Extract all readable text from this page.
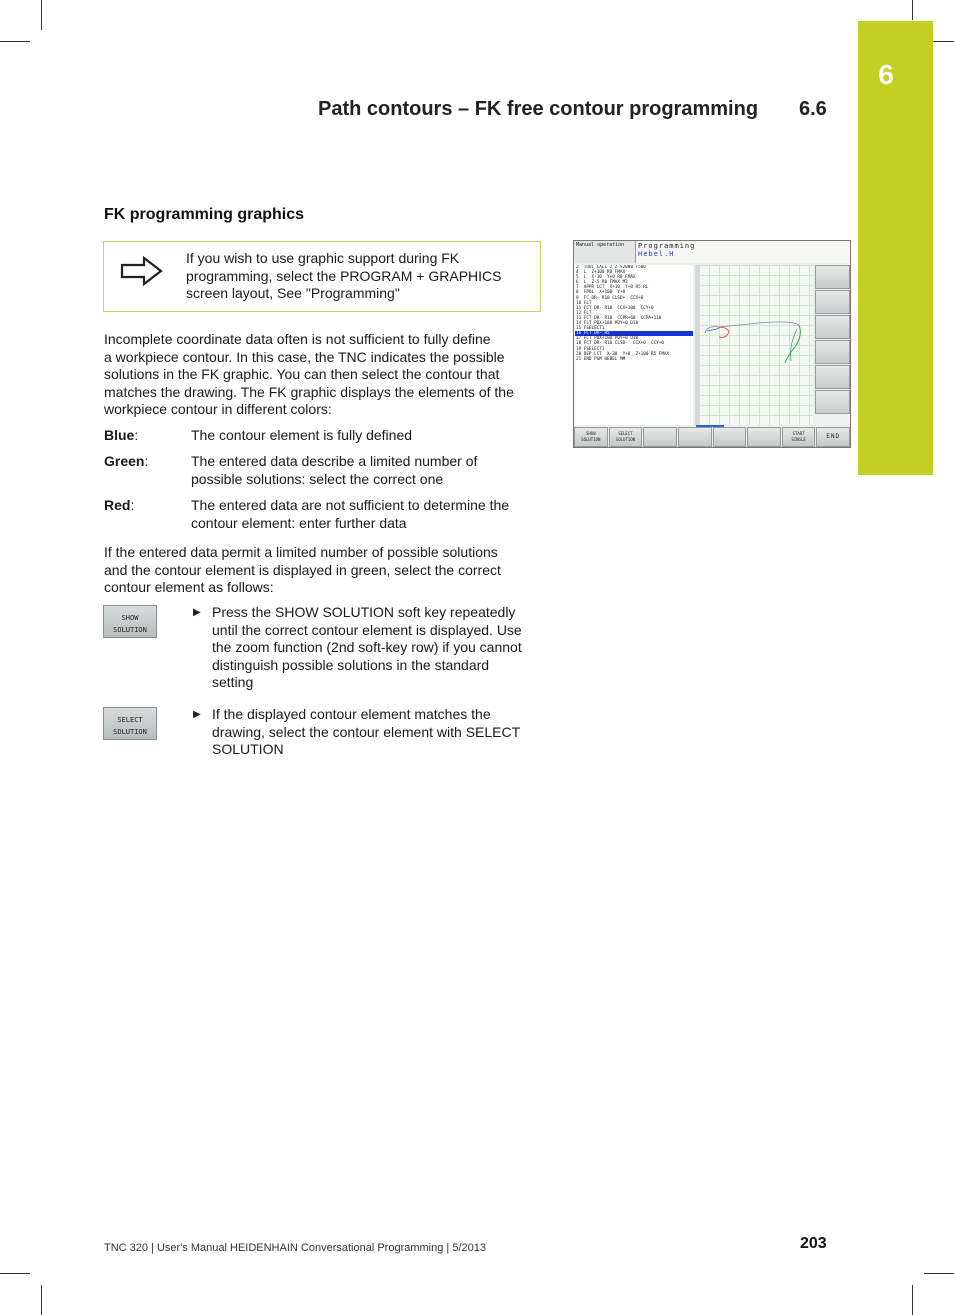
6
Path contours – FK free contour programming 6.6
FK programming graphics
If you wish to use graphic support during FK
programming, select the PROGRAM + GRAPHICS
screen layout, See "Programming"
Incomplete coordinate data often is not sufficient to fully define
a workpiece contour. In this case, the TNC indicates the possible
solutions in the FK graphic. You can then select the contour that
matches the drawing. The FK graphic displays the elements of the
workpiece contour in different colors:
Blue:	The contour element is fully defined
Green:	The entered data describe a limited number of
possible solutions: select the correct one
Red:	The entered data are not sufficient to determine the
contour element: enter further data
If the entered data permit a limited number of possible solutions
and the contour element is displayed in green, select the correct
contour element as follows:
SHOW
SOLUTION
▶ Press the SHOW SOLUTION soft key repeatedly
until the correct contour element is displayed. Use
the zoom function (2nd soft-key row) if you cannot
distinguish possible solutions in the standard
setting
SELECT
SOLUTION
▶ If the displayed contour element matches the
drawing, select the contour element with SELECT
SOLUTION
Manual operation	Programming
Hebel.H
2  TOOL CALL 2 Z S2000 F500
4  L  Z+100 R0 FMAX
5  L  X-30  Y+0 R0 FMAX
6  L  Z-5 R0 FMAX M3
7  APPR LCT  X+10  Y+0 R5 RL
8  FPOL  X+100  Y+0
9  FC DR- R10 CLSD+  CCX+0
10 FLT
11 FCT DR- R10  CCX+100  CCY+0
12 FLT
13 FCT DR- R10  CCPR+60  CCPA+110
14 FLT PDX+100 PDY+0 D10
15 FSELECT1
16 FCT DR- R5
17 FCT PDX+100 PDY+0 D10
18 FCT DR- R10 CLSD-  CCX+0  CCY+0
19 FSELECT1
20 DEP LCT  X-30  Y+0  Z+100 R5 FMAX
21 END PGM HEBEL MM
SHOW
SOLUTION
SELECT
SOLUTION
START
SINGLE	END
TNC 320 | User's Manual HEIDENHAIN Conversational Programming | 5/2013	203
